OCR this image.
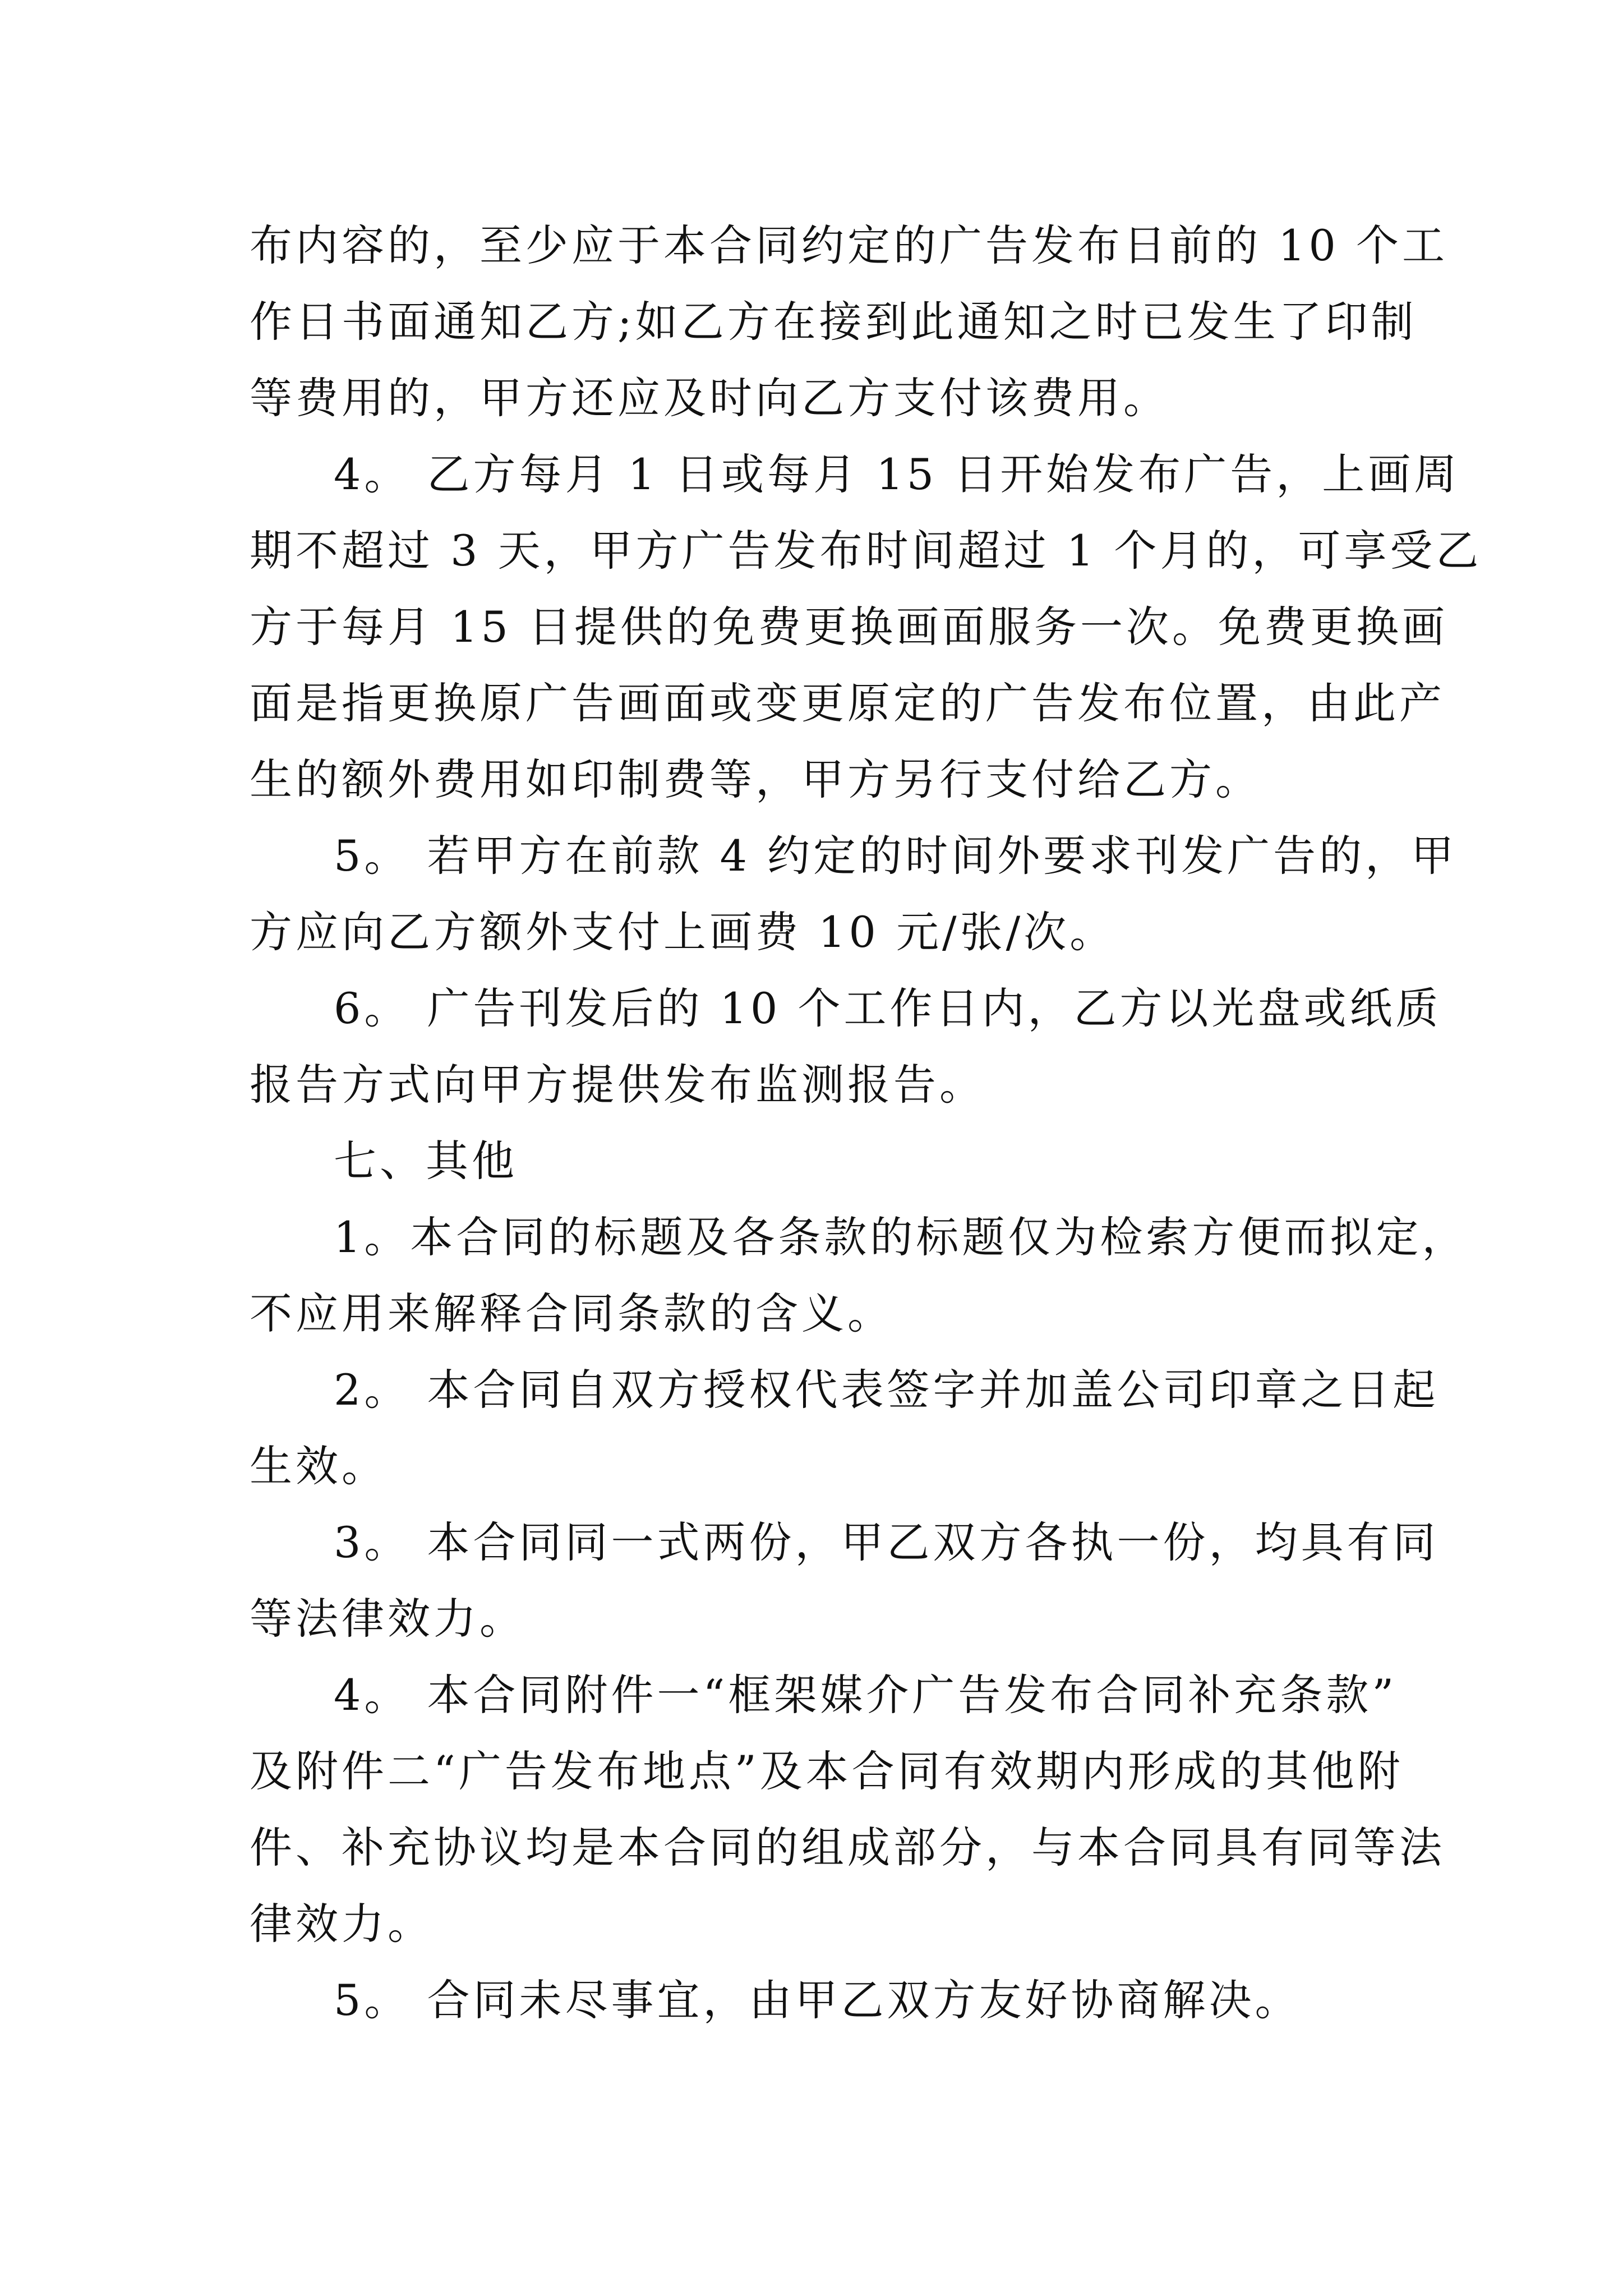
布内容的，至少应于本合同约定的广告发布日前的 10 个工
作日书面通知乙方;如乙方在接到此通知之时已发生了印制
等费用的，甲方还应及时向乙方支付该费用。
4。 乙方每月 1 日或每月 15 日开始发布广告，上画周
期不超过 3 天，甲方广告发布时间超过 1 个月的，可享受乙
方于每月 15 日提供的免费更换画面服务一次。免费更换画
面是指更换原广告画面或变更原定的广告发布位置，由此产
生的额外费用如印制费等，甲方另行支付给乙方。
5。 若甲方在前款 4 约定的时间外要求刊发广告的，甲
方应向乙方额外支付上画费 10 元/张/次。
6。 广告刊发后的 10 个工作日内，乙方以光盘或纸质
报告方式向甲方提供发布监测报告。
七、其他
1。本合同的标题及各条款的标题仅为检索方便而拟定，
不应用来解释合同条款的含义。
2。 本合同自双方授权代表签字并加盖公司印章之日起
生效。
3。 本合同同一式两份，甲乙双方各执一份，均具有同
等法律效力。
4。 本合同附件一“框架媒介广告发布合同补充条款”
及附件二“广告发布地点”及本合同有效期内形成的其他附
件、补充协议均是本合同的组成部分，与本合同具有同等法
律效力。
5。 合同未尽事宜，由甲乙双方友好协商解决。
